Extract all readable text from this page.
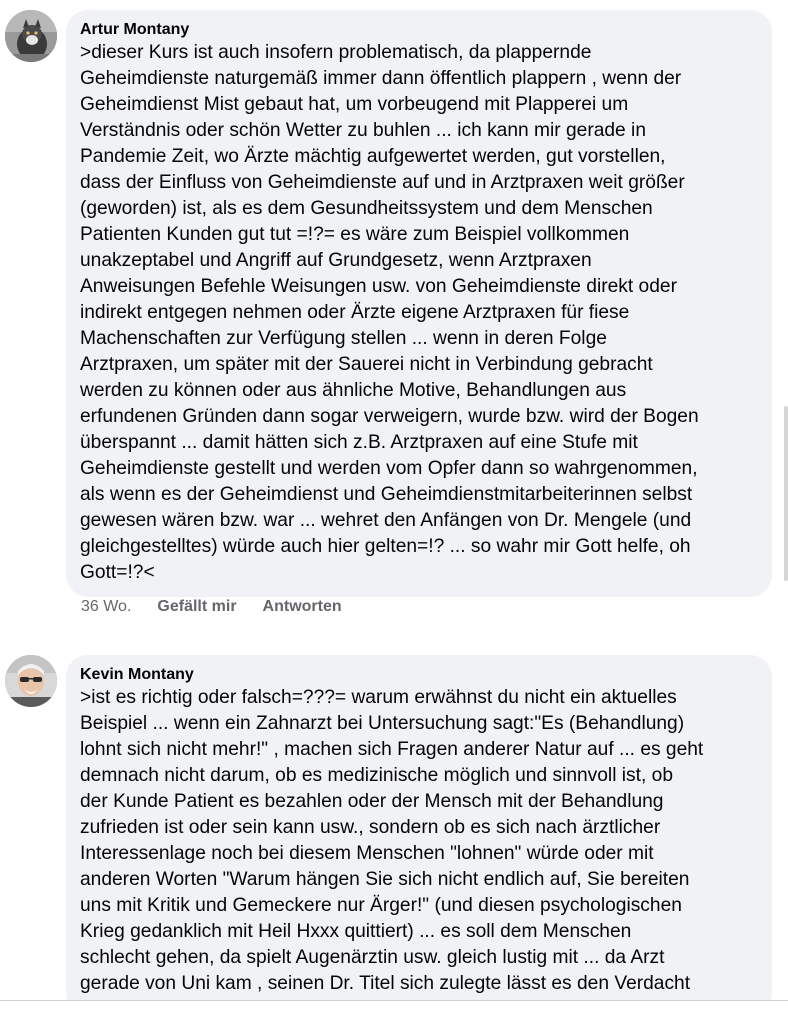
Artur Montany
>dieser Kurs ist auch insofern problematisch, da plappernde
Geheimdienste naturgemäß immer dann öffentlich plappern , wenn der
Geheimdienst Mist gebaut hat, um vorbeugend mit Plapperei um
Verständnis oder schön Wetter zu buhlen ... ich kann mir gerade in
Pandemie Zeit, wo Ärzte mächtig aufgewertet werden, gut vorstellen,
dass der Einfluss von Geheimdienste auf und in Arztpraxen weit größer
(geworden) ist, als es dem Gesundheitssystem und dem Menschen
Patienten Kunden gut tut =!?= es wäre zum Beispiel vollkommen
unakzeptabel und Angriff auf Grundgesetz, wenn Arztpraxen
Anweisungen Befehle Weisungen usw. von Geheimdienste direkt oder
indirekt entgegen nehmen oder Ärzte eigene Arztpraxen für fiese
Machenschaften zur Verfügung stellen ... wenn in deren Folge
Arztpraxen, um später mit der Sauerei nicht in Verbindung gebracht
werden zu können oder aus ähnliche Motive, Behandlungen aus
erfundenen Gründen dann sogar verweigern, wurde bzw. wird der Bogen
überspannt ... damit hätten sich z.B. Arztpraxen auf eine Stufe mit
Geheimdienste gestellt und werden vom Opfer dann so wahrgenommen,
als wenn es der Geheimdienst und Geheimdienstmitarbeiterinnen selbst
gewesen wären bzw. war ... wehret den Anfängen von Dr. Mengele (und
gleichgestelltes) würde auch hier gelten=!? ... so wahr mir Gott helfe, oh
Gott=!?<
36 Wo. Gefällt mir Antworten
Kevin Montany
>ist es richtig oder falsch=???= warum erwähnst du nicht ein aktuelles
Beispiel ... wenn ein Zahnarzt bei Untersuchung sagt:"Es (Behandlung)
lohnt sich nicht mehr!" , machen sich Fragen anderer Natur auf ... es geht
demnach nicht darum, ob es medizinische möglich und sinnvoll ist, ob
der Kunde Patient es bezahlen oder der Mensch mit der Behandlung
zufrieden ist oder sein kann usw., sondern ob es sich nach ärztlicher
Interessenlage noch bei diesem Menschen "lohnen" würde oder mit
anderen Worten "Warum hängen Sie sich nicht endlich auf, Sie bereiten
uns mit Kritik und Gemeckere nur Ärger!" (und diesen psychologischen
Krieg gedanklich mit Heil Hxxx quittiert) ... es soll dem Menschen
schlecht gehen, da spielt Augenärztin usw. gleich lustig mit ... da Arzt
gerade von Uni kam , seinen Dr. Titel sich zulegte lässt es den Verdacht
